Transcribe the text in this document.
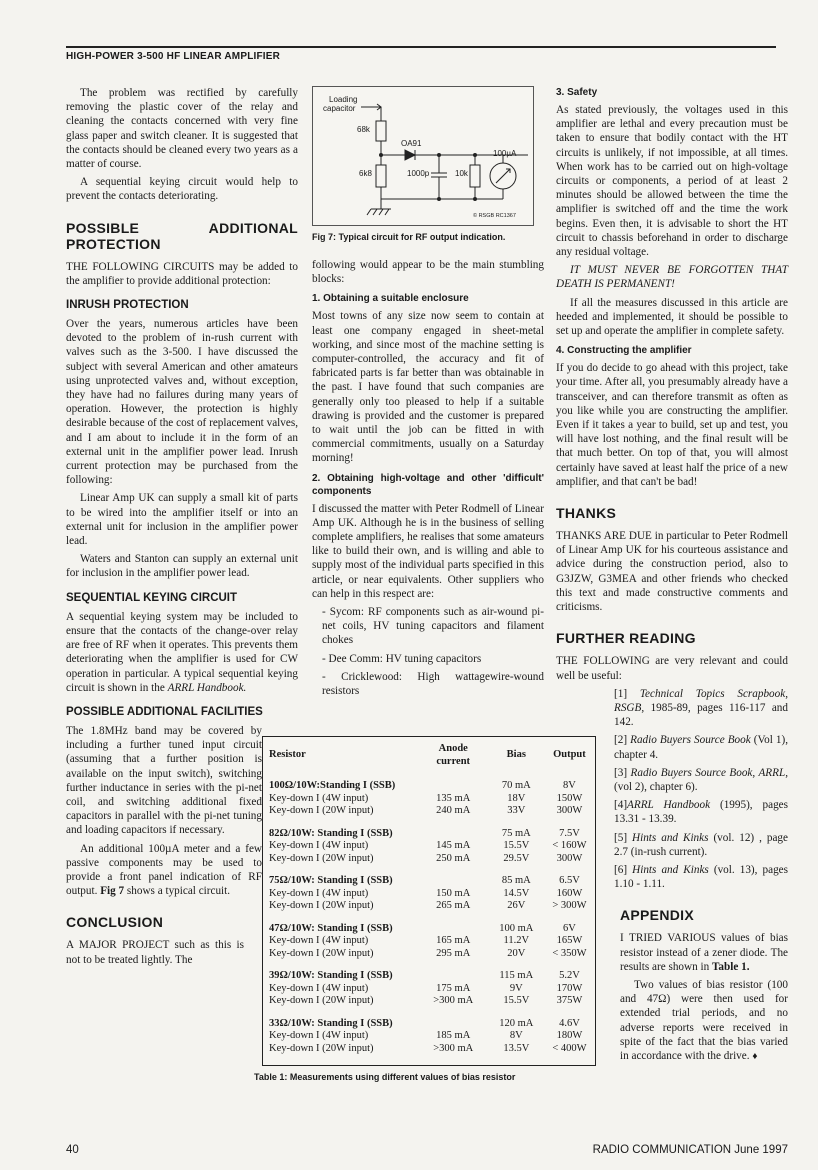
HIGH-POWER 3-500 HF LINEAR AMPLIFIER

The problem was rectified by carefully removing the plastic cover of the relay and cleaning the contacts concerned with very fine glass paper and switch cleaner. It is suggested that the contacts should be cleaned every two years as a matter of course.

A sequential keying circuit would help to prevent the contacts deteriorating.

POSSIBLE ADDITIONAL PROTECTION

THE FOLLOWING CIRCUITS may be added to the amplifier to provide additional protection:

INRUSH PROTECTION

Over the years, numerous articles have been devoted to the problem of in-rush current with valves such as the 3-500. I have discussed the subject with several American and other amateurs using unprotected valves and, without exception, they have had no failures during many years of operation. However, the protection is highly desirable because of the cost of replacement valves, and I am about to include it in the form of an external unit in the amplifier power lead. Inrush current protection may be purchased from the following:

Linear Amp UK can supply a small kit of parts to be wired into the amplifier itself or into an external unit for inclusion in the amplifier power lead.

Waters and Stanton can supply an external unit for inclusion in the amplifier power lead.

SEQUENTIAL KEYING CIRCUIT

A sequential keying system may be included to ensure that the contacts of the change-over relay are free of RF when it operates. This prevents them deteriorating when the amplifier is used for CW operation in particular. A typical sequential keying circuit is shown in the ARRL Handbook.

POSSIBLE ADDITIONAL FACILITIES

The 1.8MHz band may be covered by including a further tuned input circuit (assuming that a further position is available on the input switch), switching further inductance in series with the pi-net coil, and switching additional fixed capacitors in parallel with the pi-net tuning and loading capacitors if necessary.

An additional 100µA meter and a few passive components may be used to provide a front panel indication of RF output. Fig 7 shows a typical circuit.

CONCLUSION

A MAJOR PROJECT such as this is not to be treated lightly. The

Loading
capacitor
68k
OA91
6k8	1000p	10k
100µA
© RSGB RC1367
Fig 7: Typical circuit for RF output indication.

following would appear to be the main stumbling blocks:

1. Obtaining a suitable enclosure

Most towns of any size now seem to contain at least one company engaged in sheet-metal working, and since most of the machine setting is computer-controlled, the accuracy and fit of fabricated parts is far better than was obtainable in the past. I have found that such companies are generally only too pleased to help if a suitable drawing is provided and the customer is prepared to wait until the job can be fitted in with commercial commitments, usually on a Saturday morning!

2. Obtaining high-voltage and other 'difficult' components

I discussed the matter with Peter Rodmell of Linear Amp UK. Although he is in the business of selling complete amplifiers, he realises that some amateurs like to build their own, and is willing and able to supply most of the individual parts specified in this article, or near equivalents. Other suppliers who can help in this respect are:

- Sycom: RF components such as air-wound pi-net coils, HV tuning capacitors and filament chokes

- Dee Comm: HV tuning capacitors

- Cricklewood: High wattagewire-wound resistors

3. Safety

As stated previously, the voltages used in this amplifier are lethal and every precaution must be taken to ensure that bodily contact with the HT circuits is unlikely, if not impossible, at all times. When work has to be carried out on high-voltage circuits or components, a period of at least 2 minutes should be allowed between the time the amplifier is switched off and the time the work begins. Even then, it is advisable to short the HT circuit to chassis beforehand in order to discharge any residual voltage.

IT MUST NEVER BE FORGOTTEN THAT DEATH IS PERMANENT!

If all the measures discussed in this article are heeded and implemented, it should be possible to set up and operate the amplifier in complete safety.

4. Constructing the amplifier

If you do decide to go ahead with this project, take your time. After all, you presumably already have a transceiver, and can therefore transmit as often as you like while you are constructing the amplifier. Even if it takes a year to build, set up and test, you will have lost nothing, and the final result will be that much better. On top of that, you will almost certainly have saved at least half the price of a new amplifier, and that can't be bad!

THANKS

THANKS ARE DUE in particular to Peter Rodmell of Linear Amp UK for his courteous assistance and advice during the construction period, also to G3JZW, G3MEA and other friends who checked this text and made constructive comments and criticisms.

FURTHER READING

THE FOLLOWING are very relevant and could well be useful:

[1] Technical Topics Scrapbook, RSGB, 1985-89, pages 116-117 and 142.

[2] Radio Buyers Source Book (Vol 1), chapter 4.

[3] Radio Buyers Source Book, ARRL, (vol 2), chapter 6).

[4]ARRL Handbook (1995), pages 13.31 - 13.39.

[5] Hints and Kinks (vol. 12) , page 2.7 (in-rush current).

[6] Hints and Kinks (vol. 13), pages 1.10 - 1.11.

APPENDIX

I TRIED VARIOUS values of bias resistor instead of a zener diode. The results are shown in Table 1.

Two values of bias resistor (100 and 47Ω) were then used for extended trial periods, and no adverse reports were received in spite of the fact that the bias varied in accordance with the drive. ♦

Resistor	Anode current	Bias	Output
100Ω/10W:Standing I (SSB)		70 mA	8V
Key-down I (4W input)	135 mA	18V	150W
Key-down I (20W input)	240 mA	33V	300W
82Ω/10W: Standing I (SSB)		75 mA	7.5V
Key-down I (4W input)	145 mA	15.5V	< 160W
Key-down I (20W input)	250 mA	29.5V	300W
75Ω/10W: Standing I (SSB)		85 mA	6.5V
Key-down I (4W input)	150 mA	14.5V	160W
Key-down I (20W input)	265 mA	26V	> 300W
47Ω/10W: Standing I (SSB)		100 mA	6V
Key-down I (4W input)	165 mA	11.2V	165W
Key-down I (20W input)	295 mA	20V	< 350W
39Ω/10W: Standing I (SSB)		115 mA	5.2V
Key-down I (4W input)	175 mA	9V	170W
Key-down I (20W input)	>300 mA	15.5V	375W
33Ω/10W: Standing I (SSB)		120 mA	4.6V
Key-down I (4W input)	185 mA	8V	180W
Key-down I (20W input)	>300 mA	13.5V	< 400W
Table 1: Measurements using different values of bias resistor
40	RADIO COMMUNICATION June 1997
